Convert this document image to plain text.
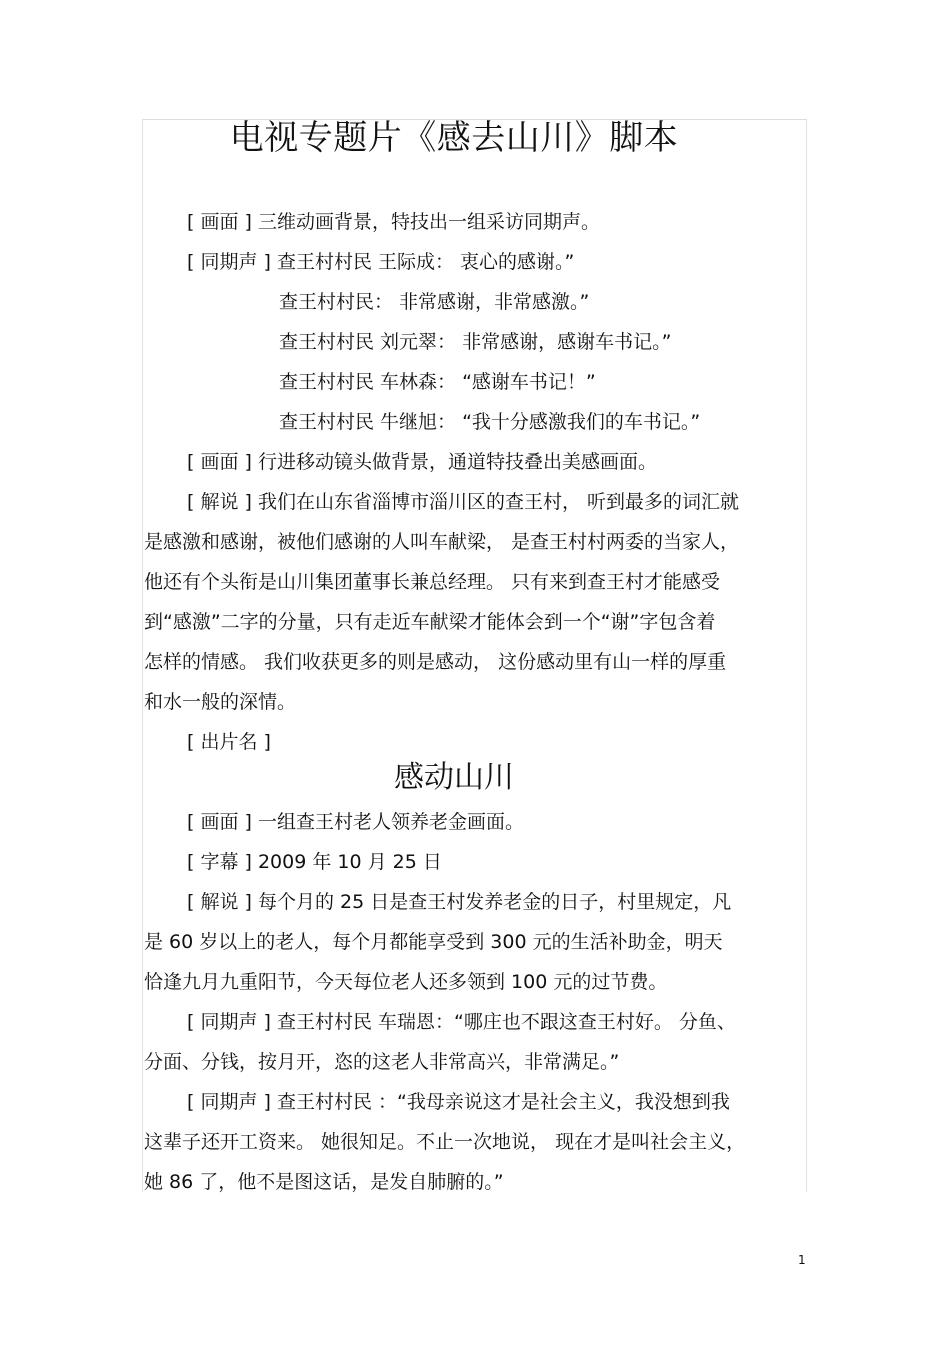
电视专题片《感去山川》脚本
[ 画面 ] 三维动画背景，特技出一组采访同期声。
[ 同期声 ] 查王村村民 王际成： 衷心的感谢。”
查王村村民： 非常感谢，非常感激。”
查王村村民 刘元翠： 非常感谢，感谢车书记。”
查王村村民 车林森： “感谢车书记！”
查王村村民 牛继旭： “我十分感激我们的车书记。”
[ 画面 ] 行进移动镜头做背景，通道特技叠出美感画面。
[ 解说 ] 我们在山东省淄博市淄川区的查王村， 听到最多的词汇就
是感激和感谢，被他们感谢的人叫车献梁， 是查王村村两委的当家人，
他还有个头衔是山川集团董事长兼总经理。 只有来到查王村才能感受
到“感激”二字的分量，只有走近车献梁才能体会到一个“谢”字包含着
怎样的情感。 我们收获更多的则是感动， 这份感动里有山一样的厚重
和水一般的深情。
[ 出片名 ]
感动山川
[ 画面 ] 一组查王村老人领养老金画面。
[ 字幕 ] 2009 年 10 月 25 日
[ 解说 ] 每个月的 25 日是查王村发养老金的日子，村里规定，凡
是 60 岁以上的老人，每个月都能享受到 300 元的生活补助金，明天
恰逢九月九重阳节，今天每位老人还多领到 100 元的过节费。
[ 同期声 ] 查王村村民 车瑞恩：“哪庄也不跟这查王村好。 分鱼、
分面、分钱，按月开，恣的这老人非常高兴，非常满足。”
[ 同期声 ] 查王村村民 ：“我母亲说这才是社会主义，我没想到我
这辈子还开工资来。 她很知足。不止一次地说， 现在才是叫社会主义，
她 86 了，他不是图这话，是发自肺腑的。”
1
